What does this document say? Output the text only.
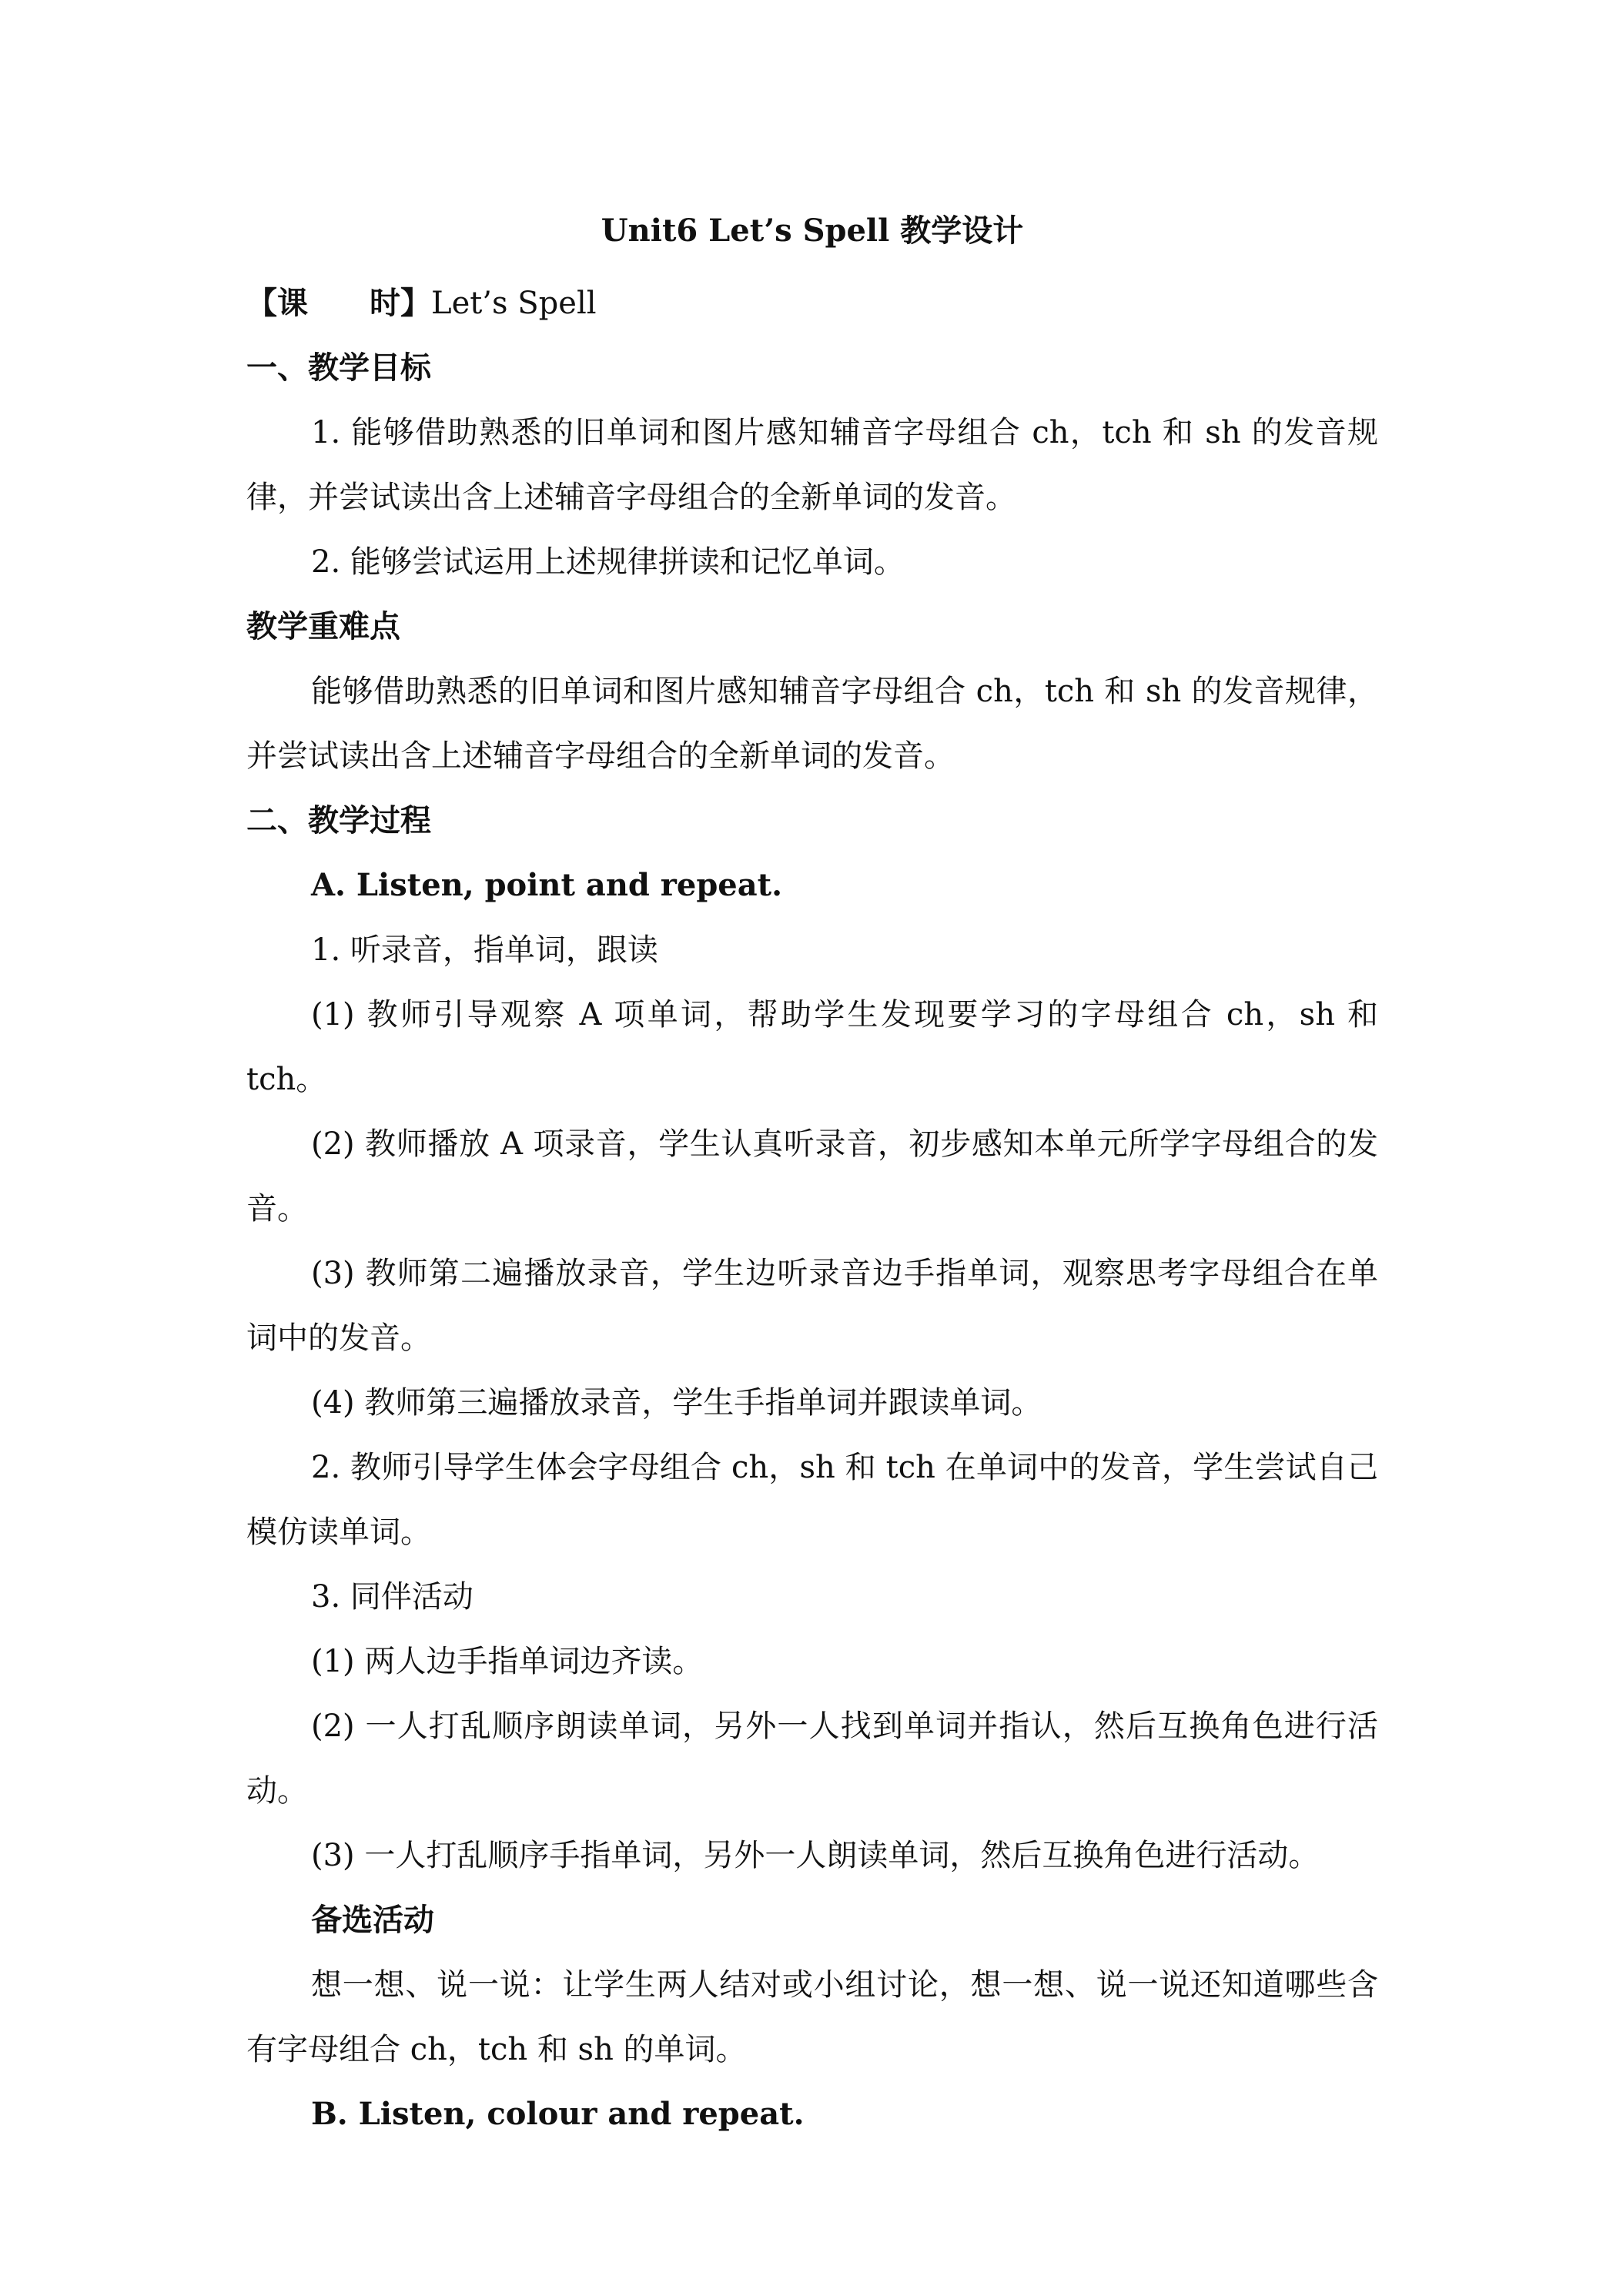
Unit6 Let’s Spell 教学设计
【课 时】Let’s Spell
一、教学目标
1. 能够借助熟悉的旧单词和图片感知辅音字母组合 ch，tch 和 sh 的发音规律，并尝试读出含上述辅音字母组合的全新单词的发音。
2. 能够尝试运用上述规律拼读和记忆单词。
教学重难点
能够借助熟悉的旧单词和图片感知辅音字母组合 ch，tch 和 sh 的发音规律，并尝试读出含上述辅音字母组合的全新单词的发音。
二、教学过程
A. Listen, point and repeat.
1. 听录音，指单词，跟读
(1) 教师引导观察 A 项单词，帮助学生发现要学习的字母组合 ch，sh 和 tch。
(2) 教师播放 A 项录音，学生认真听录音，初步感知本单元所学字母组合的发音。
(3) 教师第二遍播放录音，学生边听录音边手指单词，观察思考字母组合在单词中的发音。
(4) 教师第三遍播放录音，学生手指单词并跟读单词。
2. 教师引导学生体会字母组合 ch，sh 和 tch 在单词中的发音，学生尝试自己模仿读单词。
3. 同伴活动
(1) 两人边手指单词边齐读。
(2) 一人打乱顺序朗读单词，另外一人找到单词并指认，然后互换角色进行活动。
(3) 一人打乱顺序手指单词，另外一人朗读单词，然后互换角色进行活动。
备选活动
想一想、说一说：让学生两人结对或小组讨论，想一想、说一说还知道哪些含有字母组合 ch，tch 和 sh 的单词。
B. Listen, colour and repeat.
